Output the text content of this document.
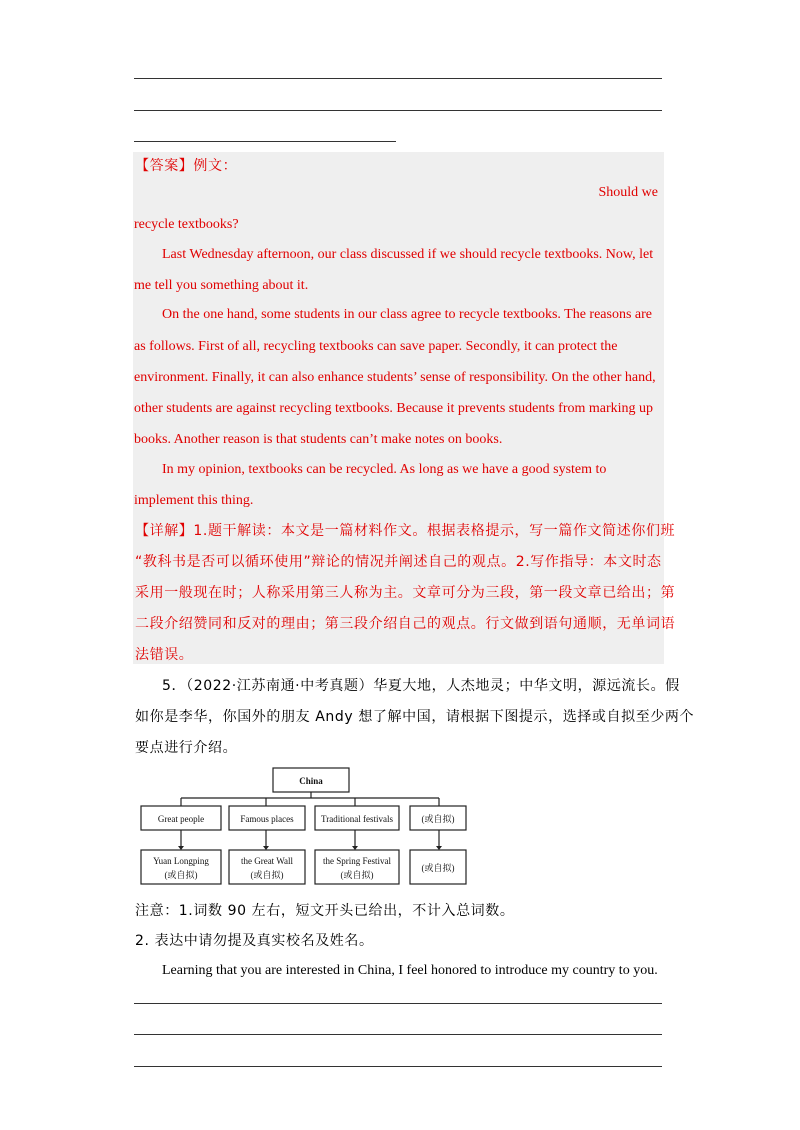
【答案】例文：
Should we
recycle textbooks?
Last Wednesday afternoon, our class discussed if we should recycle textbooks. Now, let
me tell you something about it.
On the one hand, some students in our class agree to recycle textbooks. The reasons are
as follows. First of all, recycling textbooks can save paper. Secondly, it can protect the
environment. Finally, it can also enhance students’ sense of responsibility. On the other hand,
other students are against recycling textbooks. Because it prevents students from marking up
books. Another reason is that students can’t make notes on books.
In my opinion, textbooks can be recycled. As long as we have a good system to
implement this thing.
【详解】1.题干解读：本文是一篇材料作文。根据表格提示，写一篇作文简述你们班
“教科书是否可以循环使用”辩论的情况并阐述自己的观点。2.写作指导：本文时态
采用一般现在时；人称采用第三人称为主。文章可分为三段，第一段文章已给出；第
二段介绍赞同和反对的理由；第三段介绍自己的观点。行文做到语句通顺，无单词语
法错误。
5．（2022·江苏南通·中考真题）华夏大地，人杰地灵；中华文明，源远流长。假
如你是李华，你国外的朋友 Andy 想了解中国，请根据下图提示，选择或自拟至少两个
要点进行介绍。
China
Great people	Famous places	Traditional festivals	(或自拟)
Yuan Longping
(或自拟)
the Great Wall
(或自拟)
the Spring Festival
(或自拟)
(或自拟)
注意：1.词数 90 左右，短文开头已给出，不计入总词数。
2. 表达中请勿提及真实校名及姓名。
Learning that you are interested in China, I feel honored to introduce my country to you.
